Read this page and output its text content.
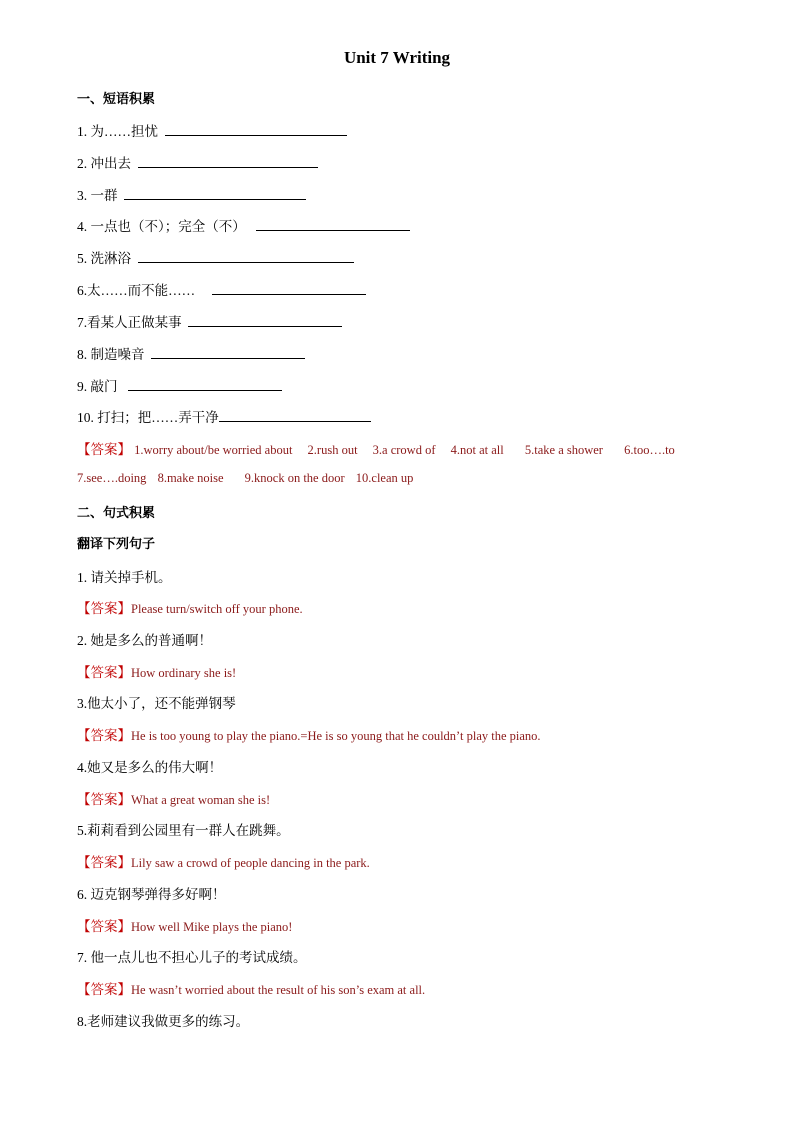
Unit 7 Writing
一、短语积累
1. 为……担忧
2. 冲出去
3. 一群
4. 一点也（不）；完全（不）
5. 洗淋浴
6.太……而不能……
7.看某人正做某事
8. 制造噪音
9. 敲门
10. 打扫；把……弄干净
【答案】 1.worry about/be worried about 2.rush out 3.a crowd of 4.not at all 5.take a shower 6.too….to
7.see….doing 8.make noise 9.knock on the door 10.clean up
二、句式积累
翻译下列句子
1. 请关掉手机。
【答案】Please turn/switch off your phone.
2. 她是多么的普通啊！
【答案】How ordinary she is!
3.他太小了，还不能弹钢琴
【答案】He is too young to play the piano.=He is so young that he couldn’t play the piano.
4.她又是多么的伟大啊！
【答案】What a great woman she is!
5.莉莉看到公园里有一群人在跳舞。
【答案】Lily saw a crowd of people dancing in the park.
6. 迈克钢琴弹得多好啊！
【答案】How well Mike plays the piano!
7. 他一点儿也不担心儿子的考试成绩。
【答案】He wasn’t worried about the result of his son’s exam at all.
8.老师建议我做更多的练习。
